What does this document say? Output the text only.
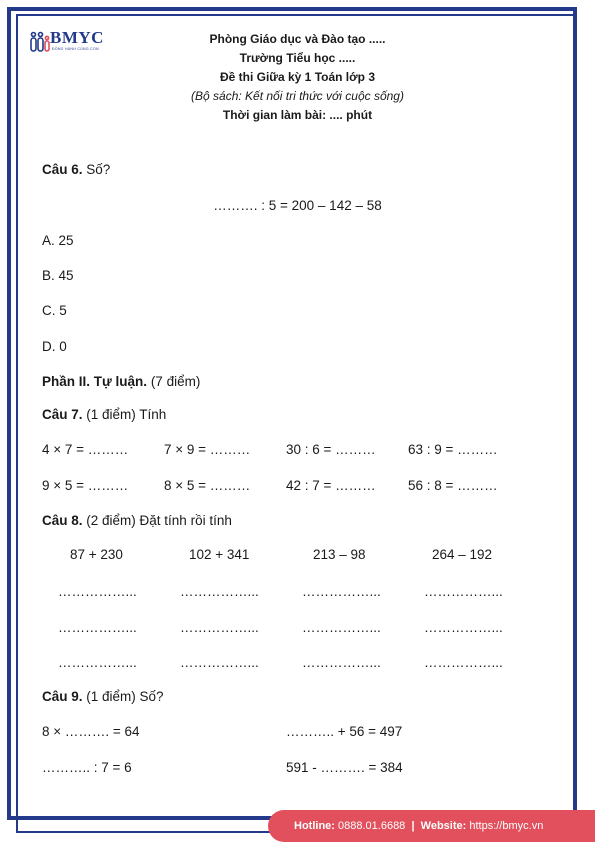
BMYC
ĐỒNG HÀNH CÙNG CON
Phòng Giáo dục và Đào tạo .....
Trường Tiểu học .....
Đề thi Giữa kỳ 1 Toán lớp 3
(Bộ sách: Kết nối tri thức với cuộc sống)
Thời gian làm bài: .... phút
Câu 6. Số?
………. : 5 = 200 – 142 – 58
A. 25
B. 45
C. 5
D. 0
Phần II. Tự luận. (7 điểm)
Câu 7. (1 điểm) Tính
4 × 7 = ………	7 × 9 = ………	30 : 6 = ……… 63 : 9 = ………
9 × 5 = ………	8 × 5 = ………	42 : 7 = ……… 56 : 8 = ………
Câu 8. (2 điểm) Đặt tính rồi tính
87 + 230	102 + 341	213 – 98	264 – 192
……………...	……………...	……………...	……………...
……………...	……………...	……………...	……………...
……………...	……………...	……………...	……………...
Câu 9. (1 điểm) Số?
8 × ………. = 64	……….. + 56 = 497
……….. : 7 = 6	591 - ………. = 384
Hotline: 0888.01.6688 | Website: https://bmyc.vn
